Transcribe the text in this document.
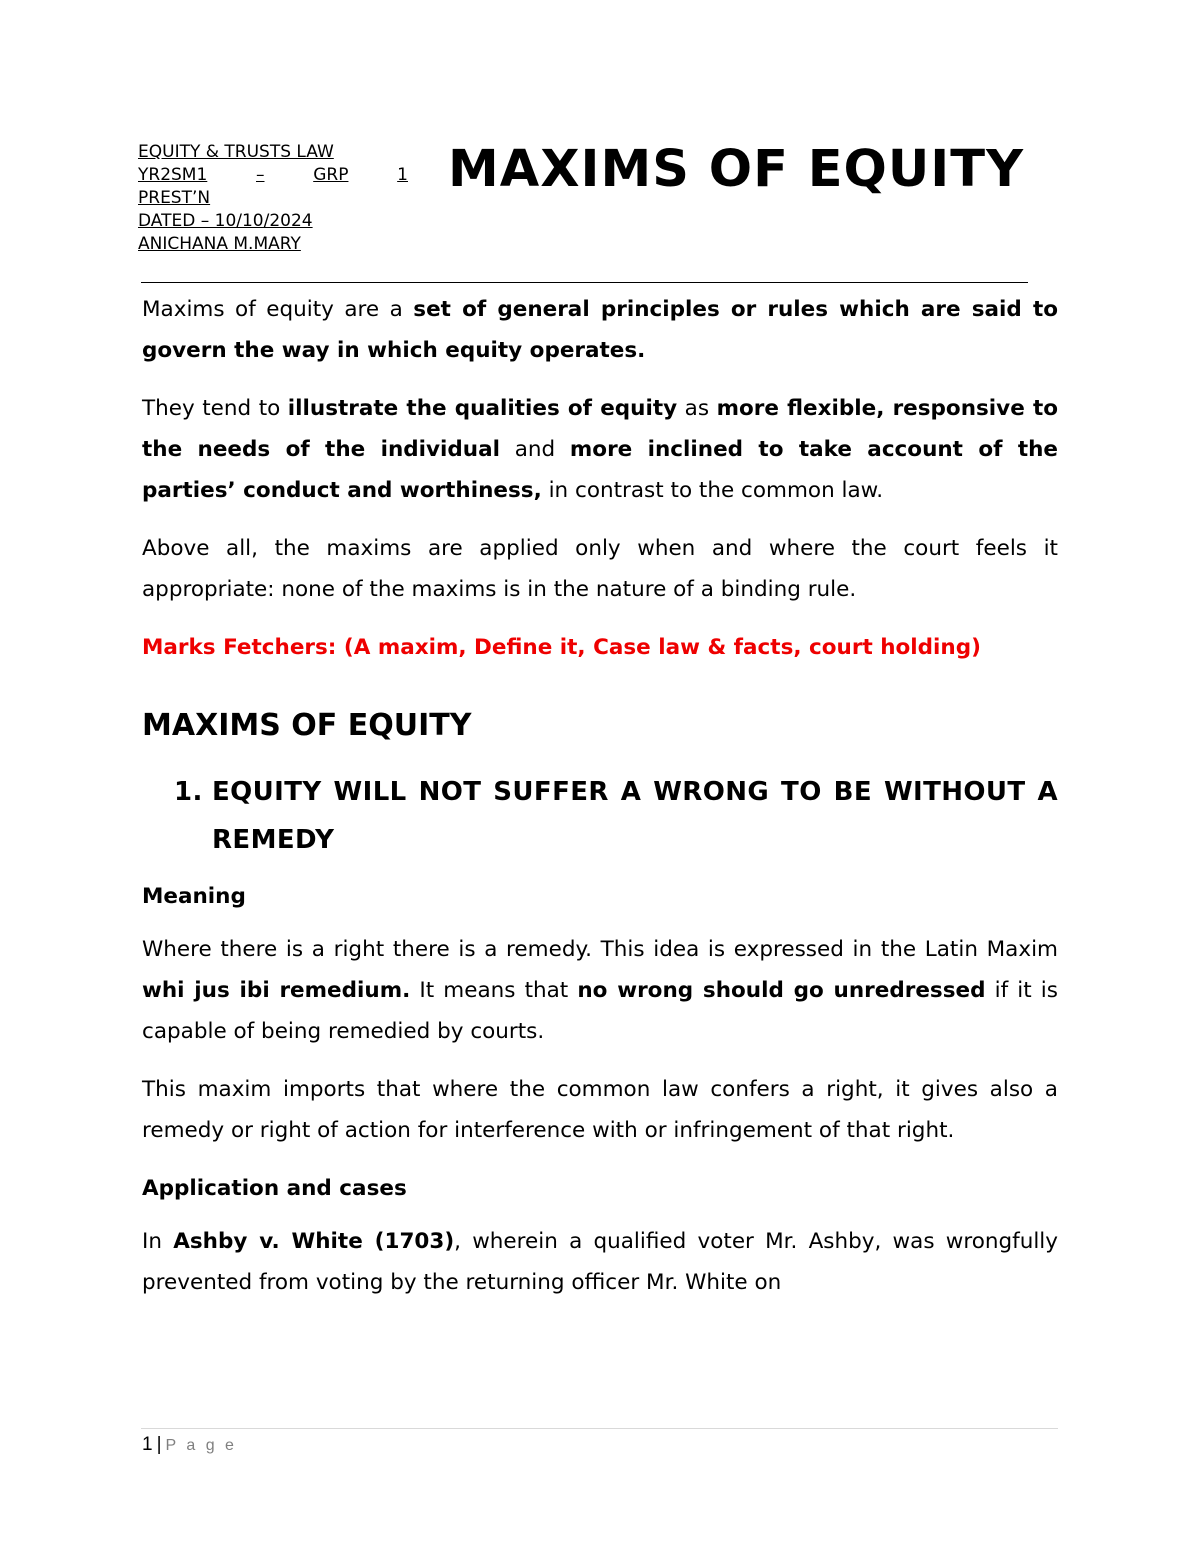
EQUITY & TRUSTS LAW
YR2SM1	–	GRP	1
PREST’N
DATED – 10/10/2024
ANICHANA M.MARY
MAXIMS OF EQUITY

Maxims of equity are a set of general principles or rules which are said to govern the way in which equity operates.

They tend to illustrate the qualities of equity as more flexible, responsive to the needs of the individual and more inclined to take account of the parties’ conduct and worthiness, in contrast to the common law.

Above all, the maxims are applied only when and where the court feels it appropriate: none of the maxims is in the nature of a binding rule.

Marks Fetchers: (A maxim, Define it, Case law & facts, court holding)

MAXIMS OF EQUITY
1. EQUITY WILL NOT SUFFER A WRONG TO BE WITHOUT A REMEDY
Meaning

Where there is a right there is a remedy. This idea is expressed in the Latin Maxim whi jus ibi remedium. It means that no wrong should go unredressed if it is capable of being remedied by courts.

This maxim imports that where the common law confers a right, it gives also a remedy or right of action for interference with or infringement of that right.

Application and cases

In Ashby v. White (1703), wherein a qualified voter Mr. Ashby, was wrongfully prevented from voting by the returning officer Mr. White on

1 | P a g e
